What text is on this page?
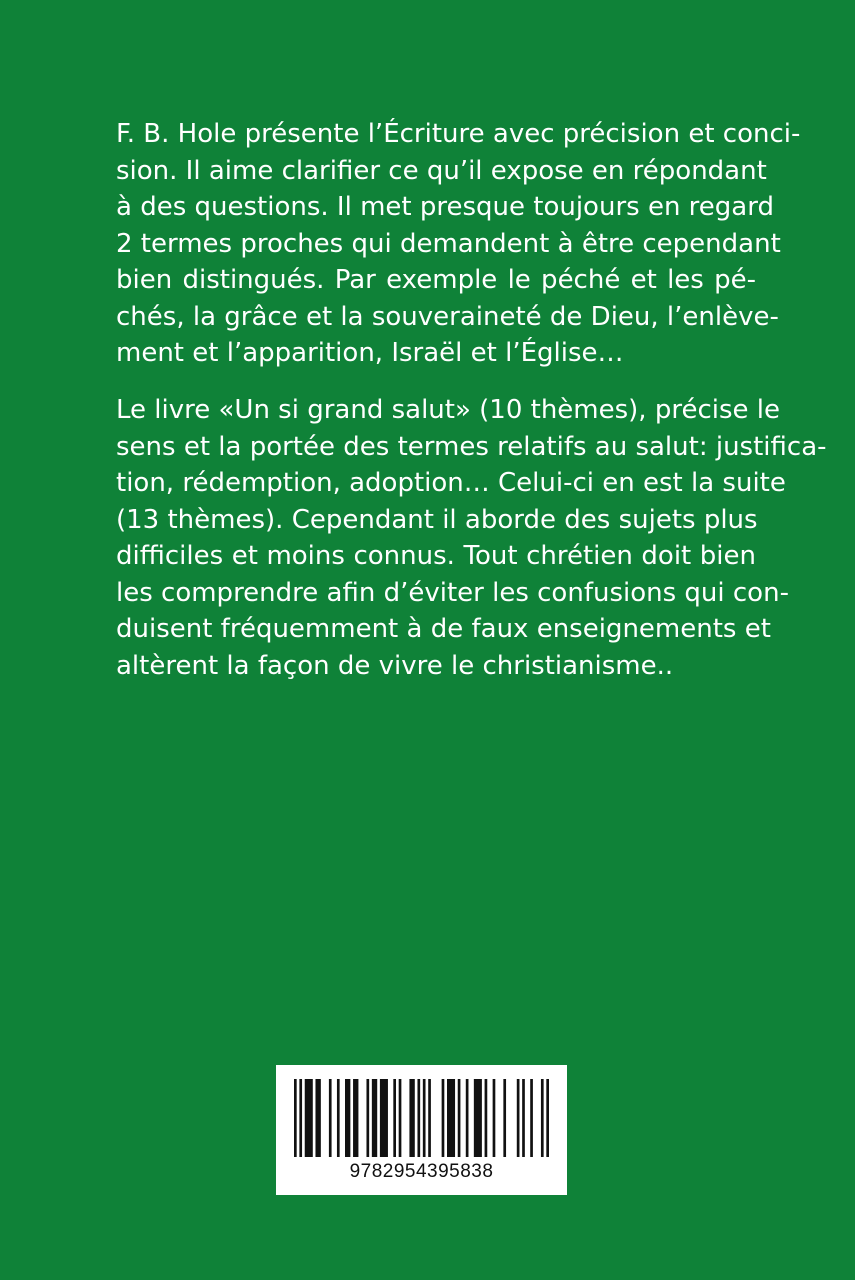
F. B. Hole présente l’Écriture avec précision et conci-
sion. Il aime clarifier ce qu’il expose en répondant
à des questions. Il met presque toujours en regard
2 termes proches qui demandent à être cependant
bien distingués. Par exemple le péché et les pé-
chés, la grâce et la souveraineté de Dieu, l’enlève-
ment et l’apparition, Israël et l’Église…
Le livre «Un si grand salut» (10 thèmes), précise le
sens et la portée des termes relatifs au salut: justifica-
tion, rédemption, adoption… Celui-ci en est la suite
(13 thèmes). Cependant il aborde des sujets plus
difficiles et moins connus. Tout chrétien doit bien
les comprendre afin d’éviter les confusions qui con-
duisent fréquemment à de faux enseignements et
altèrent la façon de vivre le christianisme..
9782954395838
